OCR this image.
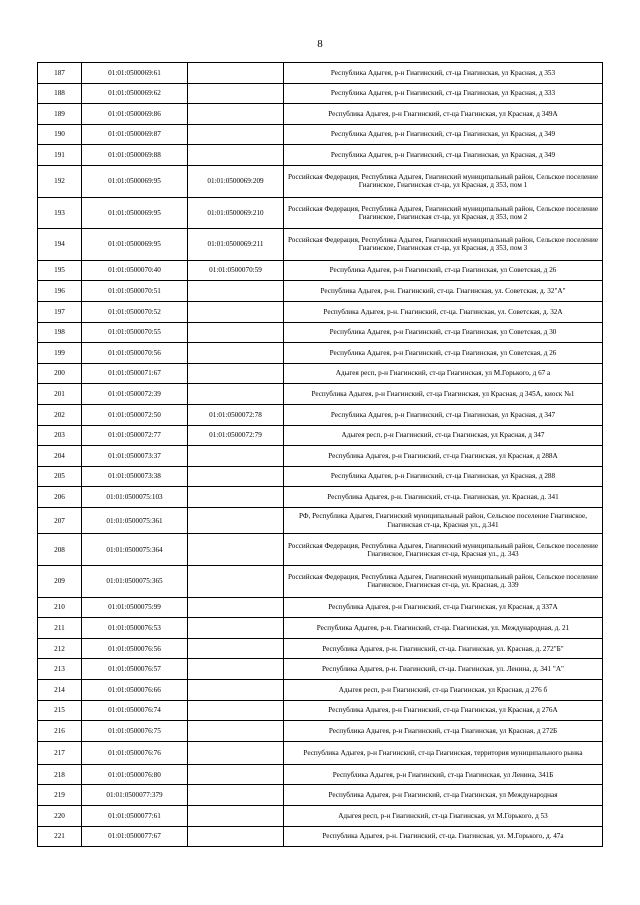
8
187	01:01:0500069:61		Республика Адыгея, р-н Гиагинский, ст-ца Гиагинская, ул Красная, д 353
188	01:01:0500069:62		Республика Адыгея, р-н Гиагинский, ст-ца Гиагинская, ул Красная, д 333
189	01:01:0500069:86		Республика Адыгея, р-н Гиагинский, ст-ца Гиагинская, ул Красная, д 349А
190	01:01:0500069:87		Республика Адыгея, р-н Гиагинский, ст-ца Гиагинская, ул Красная, д 349
191	01:01:0500069:88		Республика Адыгея, р-н Гиагинский, ст-ца Гиагинская, ул Красная, д 349
192	01:01:0500069:95	01:01:0500069:209	Российская Федерация, Республика Адыгея, Гиагинский муниципальный район, Сельское поселение Гиагинское, Гиагинская ст-ца, ул Красная, д 353, пом 1
193	01:01:0500069:95	01:01:0500069:210	Российская Федерация, Республика Адыгея, Гиагинский муниципальный район, Сельское поселение Гиагинское, Гиагинская ст-ца, ул Красная, д 353, пом 2
194	01:01:0500069:95	01:01:0500069:211	Российская Федерация, Республика Адыгея, Гиагинский муниципальный район, Сельское поселение Гиагинское, Гиагинская ст-ца, ул Красная, д 353, пом 3
195	01:01:0500070:40	01:01:0500070:59	Республика Адыгея, р-н Гиагинский, ст-ца Гиагинская, ул Советская, д 26
196	01:01:0500070:51		Республика Адыгея, р-н. Гиагинский, ст-ца. Гиагинская, ул. Советская, д. 32"А"
197	01:01:0500070:52		Республика Адыгея, р-н. Гиагинский, ст-ца. Гиагинская, ул. Советская, д. 32А
198	01:01:0500070:55		Республика Адыгея, р-н Гиагинский, ст-ца Гиагинская, ул Советская, д 30
199	01:01:0500070:56		Республика Адыгея, р-н Гиагинский, ст-ца Гиагинская, ул Советская, д 26
200	01:01:0500071:67		Адыгея респ, р-н Гиагинский, ст-ца Гиагинская, ул М.Горького, д 67 а
201	01:01:0500072:39		Республика Адыгея, р-н Гиагинский, ст-ца Гиагинская, ул Красная, д 345А, киоск №1
202	01:01:0500072:50	01:01:0500072:78	Республика Адыгея, р-н Гиагинский, ст-ца Гиагинская, ул Красная, д 347
203	01:01:0500072:77	01:01:0500072:79	Адыгея респ, р-н Гиагинский, ст-ца Гиагинская, ул Красная, д 347
204	01:01:0500073:37		Республика Адыгея, р-н Гиагинский, ст-ца Гиагинская, ул Красная, д 288А
205	01:01:0500073:38		Республика Адыгея, р-н Гиагинский, ст-ца Гиагинская, ул Красная, д 288
206	01:01:0500075:103		Республика Адыгея, р-н. Гиагинский, ст-ца. Гиагинская, ул. Красная, д. 341
207	01:01:0500075:361		РФ, Республика Адыгея, Гиагинский муниципальный район, Сельское поселение Гиагинское, Гиагинская ст-ца, Красная ул., д.341
208	01:01:0500075:364		Российская Федерация, Республика Адыгея, Гиагинский муниципальный район, Сельское поселение Гиагинское, Гиагинская ст-ца, Красная ул., д. 343
209	01:01:0500075:365		Российская Федерация, Республика Адыгея, Гиагинский муниципальный район, Сельское поселение Гиагинское, Гиагинская ст-ца, ул. Красная, д. 339
210	01:01:0500075:99		Республика Адыгея, р-н Гиагинский, ст-ца Гиагинская, ул Красная, д 337А
211	01:01:0500076:53		Республика Адыгея, р-н. Гиагинский, ст-ца. Гиагинская, ул. Международная, д. 21
212	01:01:0500076:56		Республика Адыгея, р-н. Гиагинский, ст-ца. Гиагинская, ул. Красная, д. 272"Б"
213	01:01:0500076:57		Республика Адыгея, р-н. Гиагинский, ст-ца. Гиагинская, ул. Ленина, д. 341 "А"
214	01:01:0500076:66		Адыгея респ, р-н Гиагинский, ст-ца Гиагинская, ул Красная, д 276 б
215	01:01:0500076:74		Республика Адыгея, р-н Гиагинский, ст-ца Гиагинская, ул Красная, д 276А
216	01:01:0500076:75		Республика Адыгея, р-н Гиагинский, ст-ца Гиагинская, ул Красная, д 272Б
217	01:01:0500076:76		Республика Адыгея, р-н Гиагинский, ст-ца Гиагинская, территория муниципального рынка
218	01:01:0500076:80		Республика Адыгея, р-н Гиагинский, ст-ца Гиагинская, ул Ленина, 341Б
219	01:01:0500077:379		Республика Адыгея, р-н Гиагинский, ст-ца Гиагинская, ул Международная
220	01:01:0500077:61		Адыгея респ, р-н Гиагинский, ст-ца Гиагинская, ул М.Горького, д 53
221	01:01:0500077:67		Республика Адыгея, р-н. Гиагинский, ст-ца. Гиагинская, ул. М.Горького, д. 47а
